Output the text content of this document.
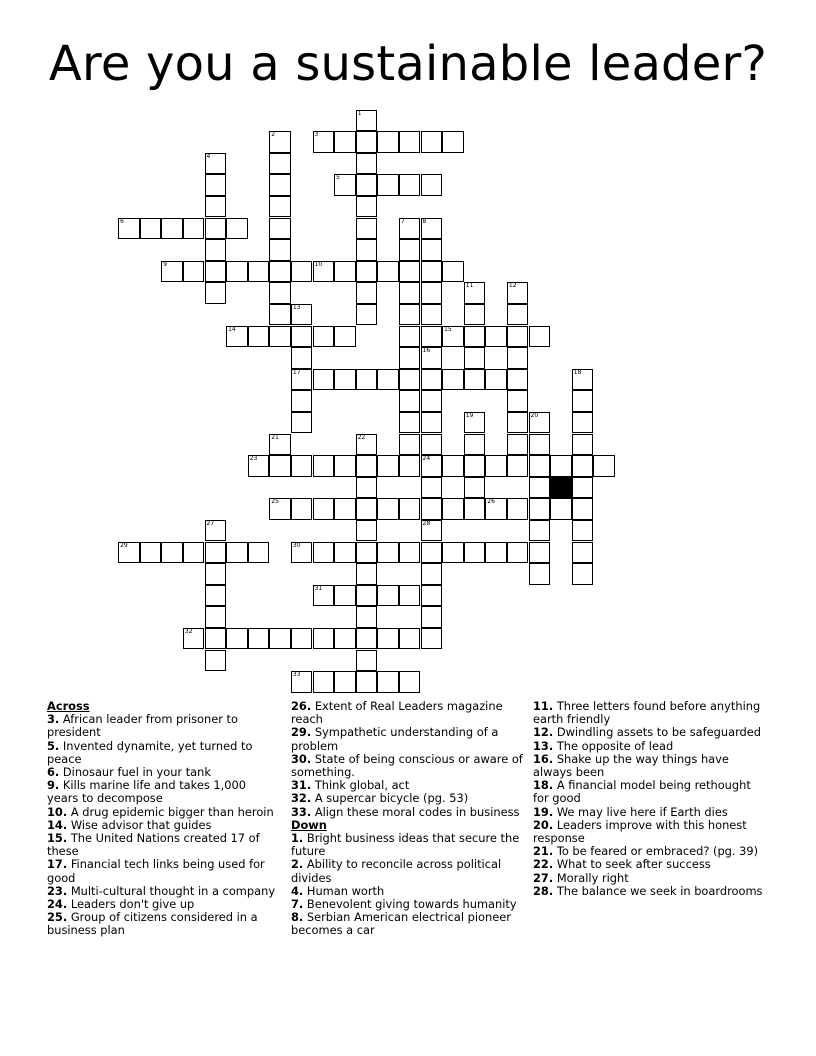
Are you a sustainable leader?
1
2	3
4
5
6	7	8
9	10
11	12
13
17
14	15
16
24
18
19	20
21	22
23
25	26
27	28
29	30
31
32
33
Across
3. African leader from prisoner to president
5. Invented dynamite, yet turned to peace
6. Dinosaur fuel in your tank
9. Kills marine life and takes 1,000 years to decompose
10. A drug epidemic bigger than heroin
14. Wise advisor that guides
15. The United Nations created 17 of these
17. Financial tech links being used for good
23. Multi-cultural thought in a company
24. Leaders don't give up
25. Group of citizens considered in a business plan
26. Extent of Real Leaders magazine reach
29. Sympathetic understanding of a problem
30. State of being conscious or aware of something.
31. Think global, act
32. A supercar bicycle (pg. 53)
33. Align these moral codes in business
Down
1. Bright business ideas that secure the future
2. Ability to reconcile across political divides
4. Human worth
7. Benevolent giving towards humanity
8. Serbian American electrical pioneer becomes a car
11. Three letters found before anything earth friendly
12. Dwindling assets to be safeguarded
13. The opposite of lead
16. Shake up the way things have always been
18. A financial model being rethought for good
19. We may live here if Earth dies
20. Leaders improve with this honest response
21. To be feared or embraced? (pg. 39)
22. What to seek after success
27. Morally right
28. The balance we seek in boardrooms
